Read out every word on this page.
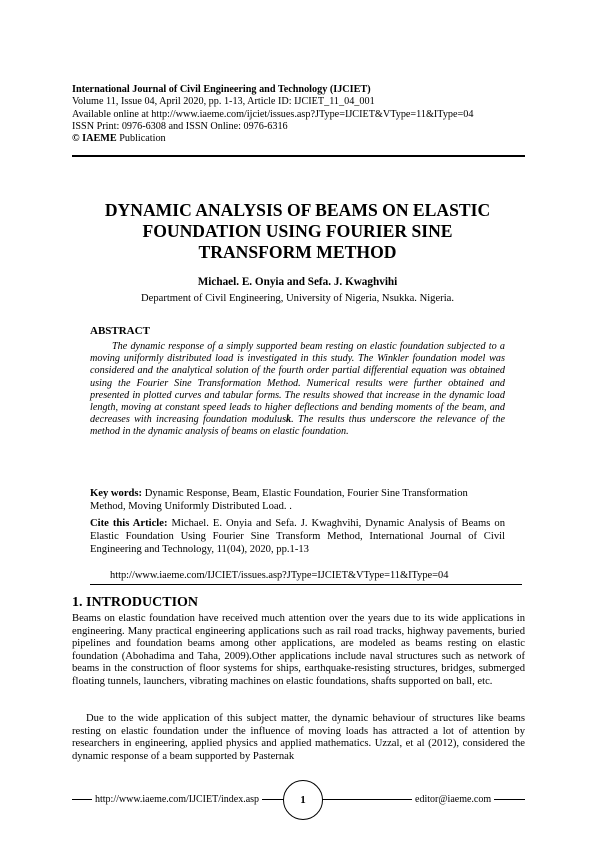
International Journal of Civil Engineering and Technology (IJCIET)
Volume 11, Issue 04, April 2020, pp. 1-13, Article ID: IJCIET_11_04_001
Available online at http://www.iaeme.com/ijciet/issues.asp?JType=IJCIET&VType=11&IType=04
ISSN Print: 0976-6308 and ISSN Online: 0976-6316
© IAEME Publication
DYNAMIC ANALYSIS OF BEAMS ON ELASTIC
FOUNDATION USING FOURIER SINE
TRANSFORM METHOD
Michael. E. Onyia and Sefa. J. Kwaghvihi
Department of Civil Engineering, University of Nigeria, Nsukka. Nigeria.
ABSTRACT

The dynamic response of a simply supported beam resting on elastic foundation subjected to a moving uniformly distributed load is investigated in this study. The Winkler foundation model was considered and the analytical solution of the fourth order partial differential equation was obtained using the Fourier Sine Transformation Method. Numerical results were further obtained and presented in plotted curves and tabular forms. The results showed that increase in the dynamic load length, moving at constant speed leads to higher deflections and bending moments of the beam, and decreases with increasing foundation modulusk. The results thus underscore the relevance of the method in the dynamic analysis of beams on elastic foundation.

Key words: Dynamic Response, Beam, Elastic Foundation, Fourier Sine Transformation Method, Moving Uniformly Distributed Load. .

Cite this Article: Michael. E. Onyia and Sefa. J. Kwaghvihi, Dynamic Analysis of Beams on Elastic Foundation Using Fourier Sine Transform Method, International Journal of Civil Engineering and Technology, 11(04), 2020, pp.1-13

http://www.iaeme.com/IJCIET/issues.asp?JType=IJCIET&VType=11&IType=04
1. INTRODUCTION

Beams on elastic foundation have received much attention over the years due to its wide applications in engineering. Many practical engineering applications such as rail road tracks, highway pavements, buried pipelines and foundation beams among other applications, are modeled as beams resting on elastic foundation (Abohadima and Taha, 2009).Other applications include naval structures such as network of beams in the construction of floor systems for ships, earthquake-resisting structures, bridges, submerged floating tunnels, launchers, vibrating machines on elastic foundations, shafts supported on ball, etc.

Due to the wide application of this subject matter, the dynamic behaviour of structures like beams resting on elastic foundation under the influence of moving loads has attracted a lot of attention by researchers in engineering, applied physics and applied mathematics. Uzzal, et al (2012), considered the dynamic response of a beam supported by Pasternak

http://www.iaeme.com/IJCIET/index.asp	1	editor@iaeme.com
